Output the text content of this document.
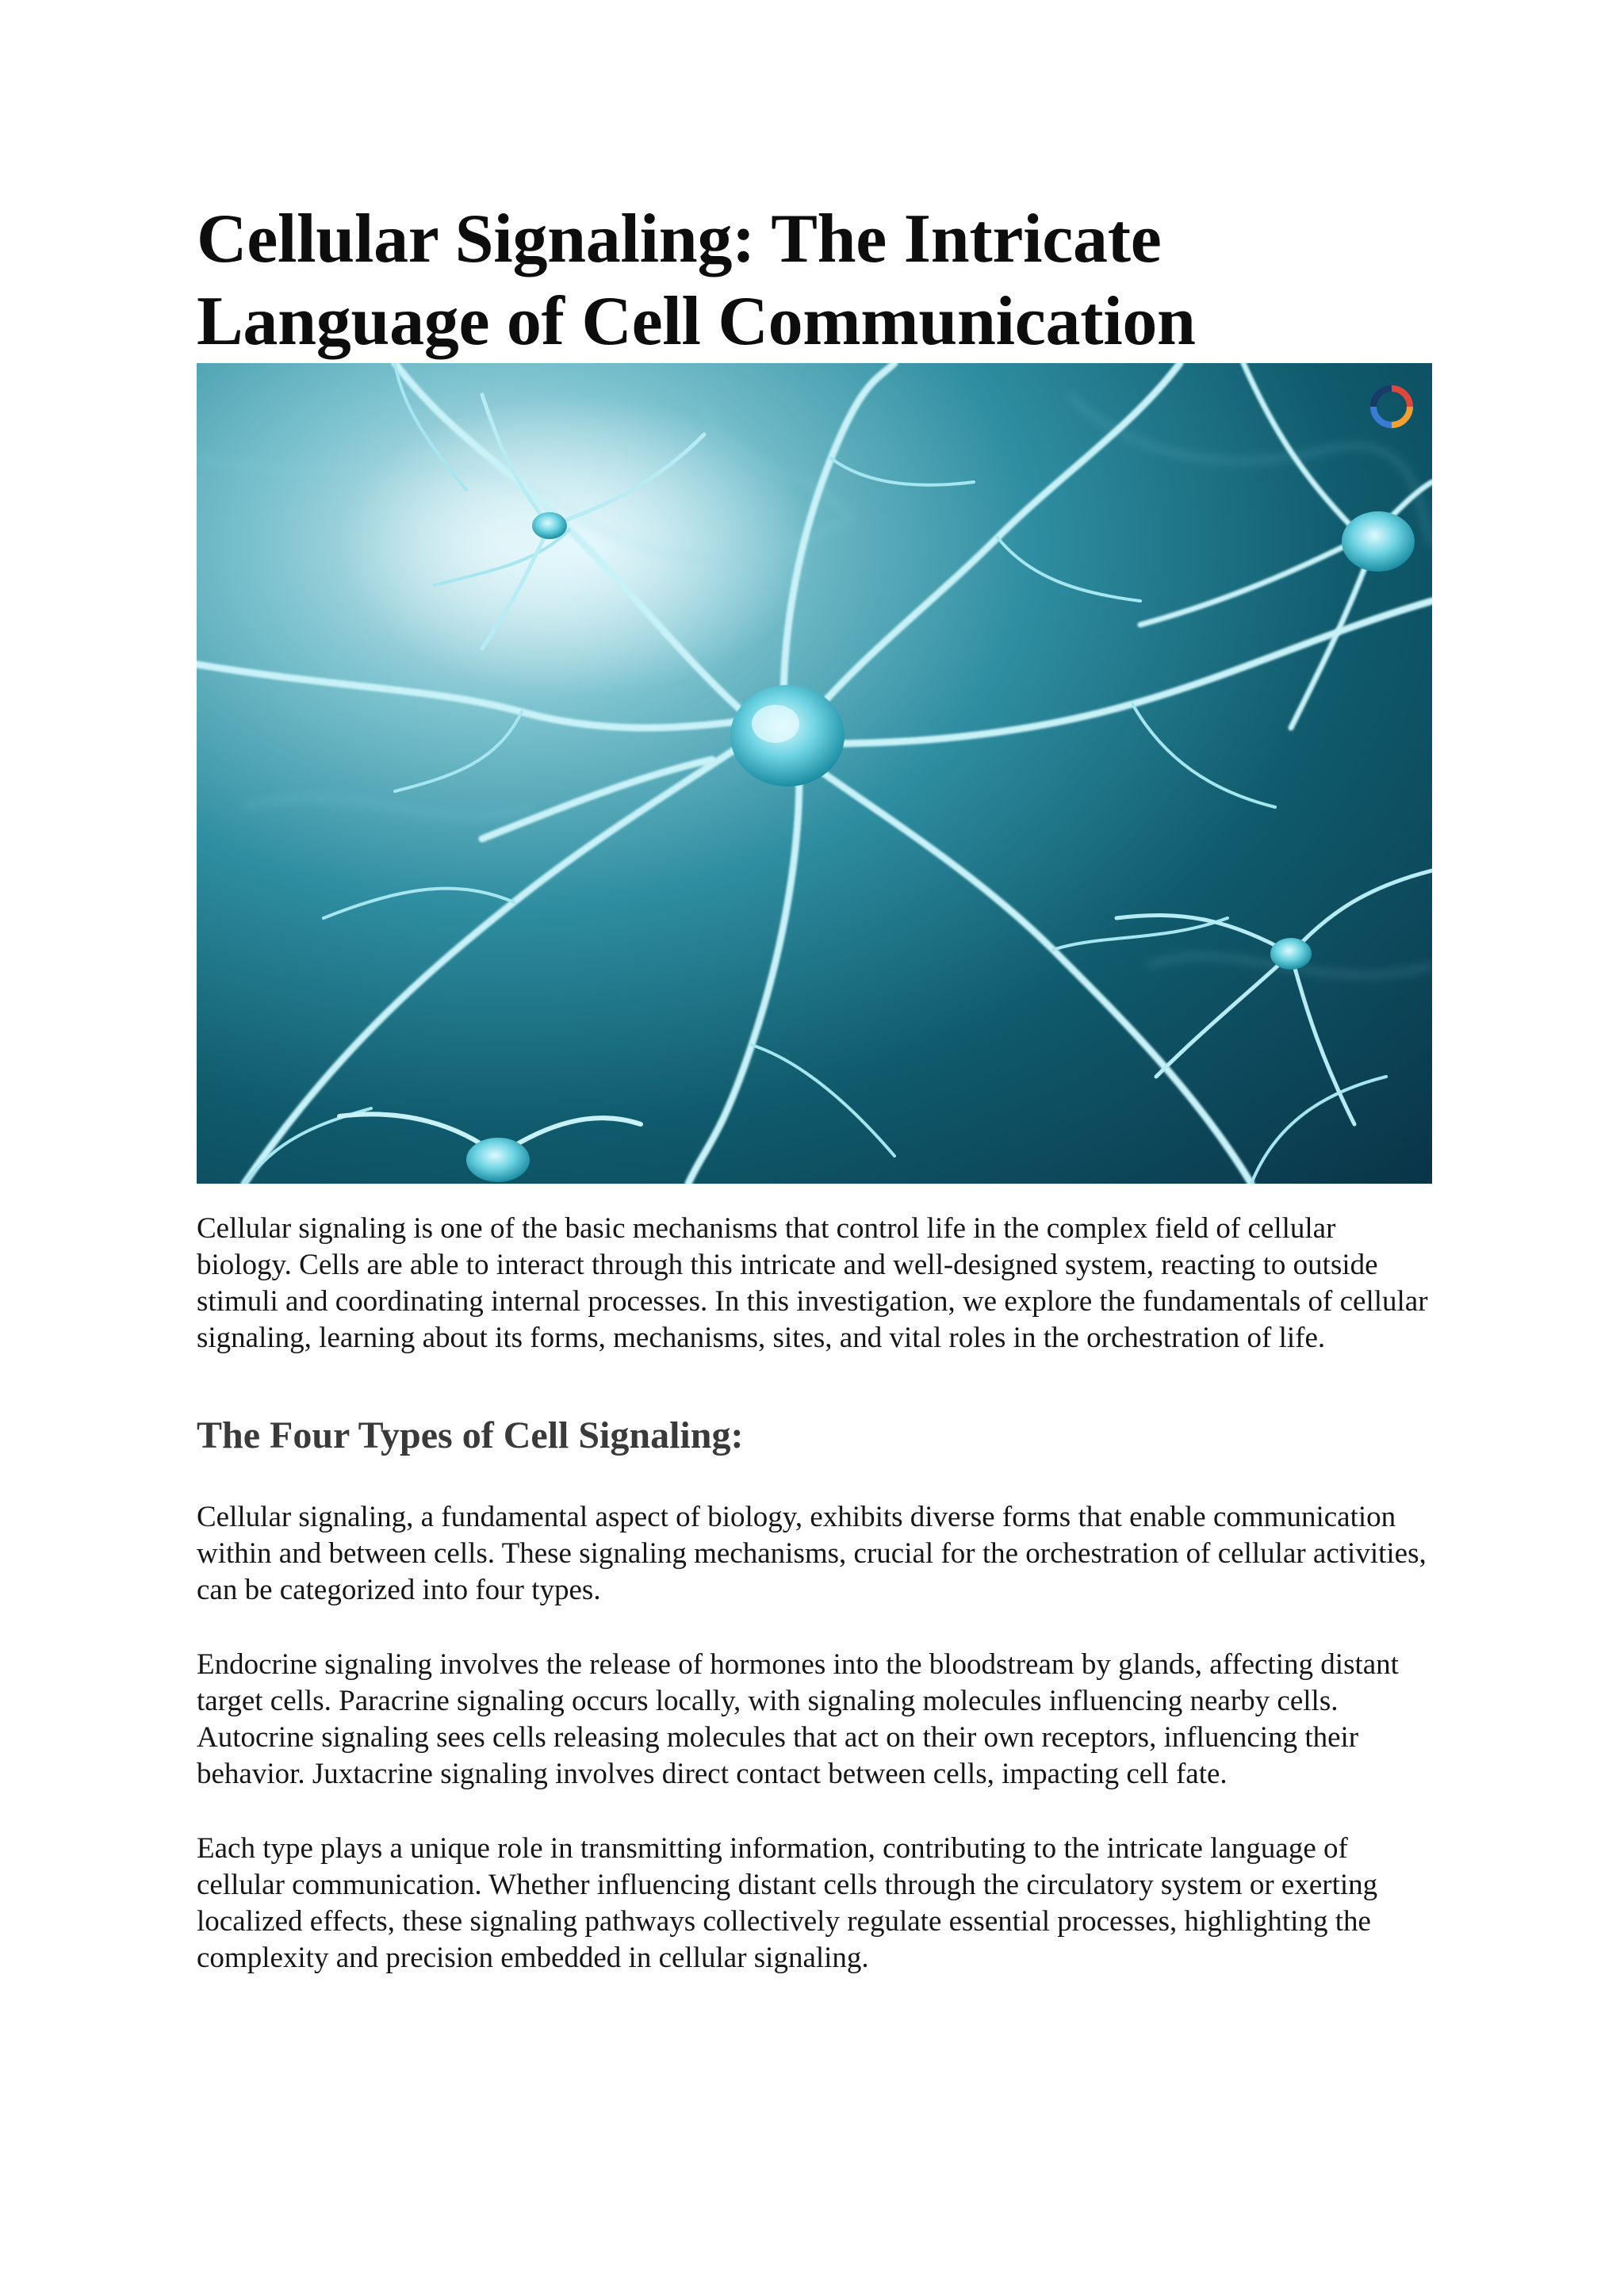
Cellular Signaling: The Intricate
Language of Cell Communication

Cellular signaling is one of the basic mechanisms that control life in the complex field of cellular biology. Cells are able to interact through this intricate and well-designed system, reacting to outside stimuli and coordinating internal processes. In this investigation, we explore the fundamentals of cellular signaling, learning about its forms, mechanisms, sites, and vital roles in the orchestration of life.

The Four Types of Cell Signaling:

Cellular signaling, a fundamental aspect of biology, exhibits diverse forms that enable communication within and between cells. These signaling mechanisms, crucial for the orchestration of cellular activities, can be categorized into four types.

Endocrine signaling involves the release of hormones into the bloodstream by glands, affecting distant target cells. Paracrine signaling occurs locally, with signaling molecules influencing nearby cells. Autocrine signaling sees cells releasing molecules that act on their own receptors, influencing their behavior. Juxtacrine signaling involves direct contact between cells, impacting cell fate.

Each type plays a unique role in transmitting information, contributing to the intricate language of cellular communication. Whether influencing distant cells through the circulatory system or exerting localized effects, these signaling pathways collectively regulate essential processes, highlighting the complexity and precision embedded in cellular signaling.
